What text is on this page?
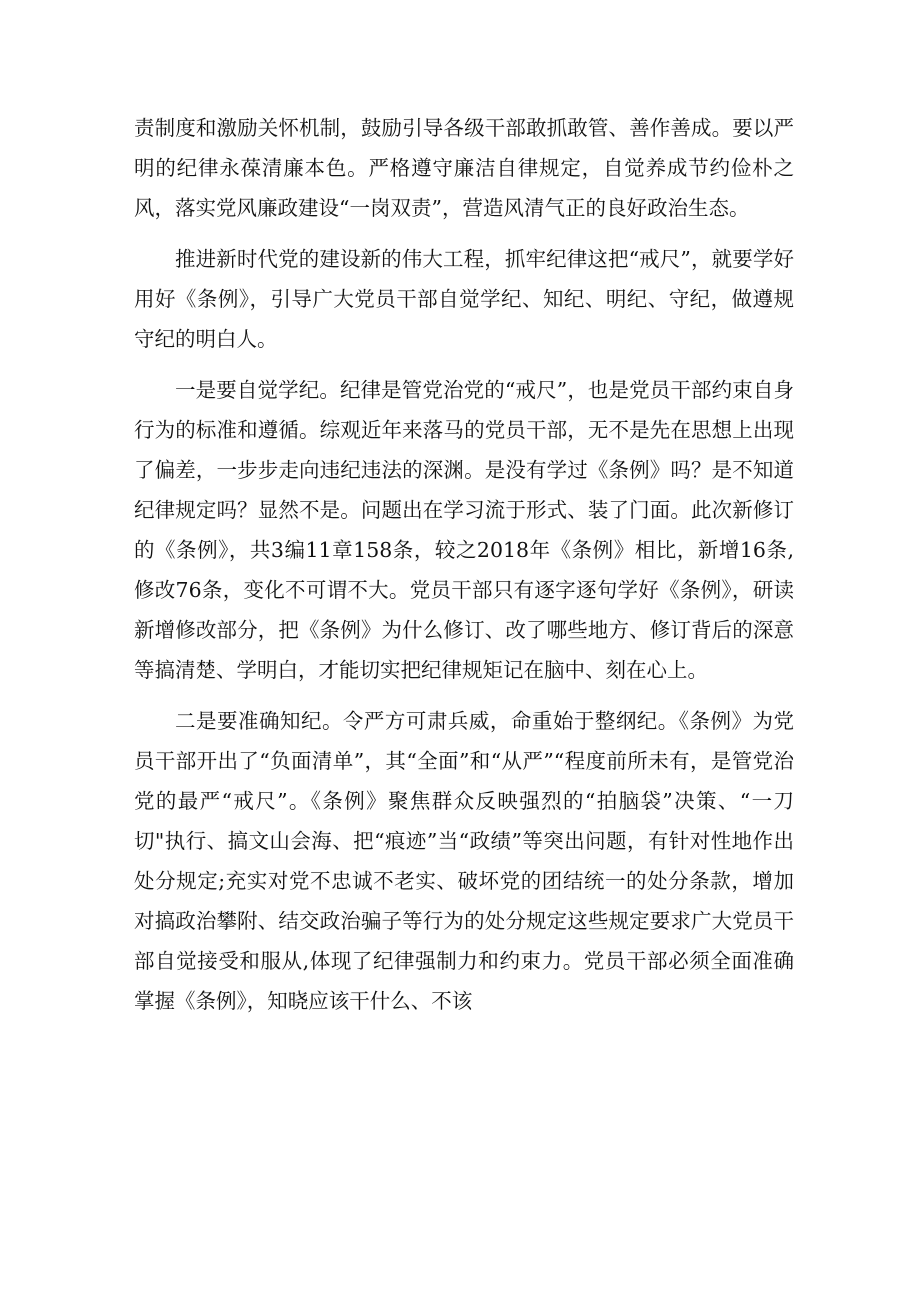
责制度和激励关怀机制，鼓励引导各级干部敢抓敢管、善作善成。要以严明的纪律永葆清廉本色。严格遵守廉洁自律规定，自觉养成节约俭朴之风，落实党风廉政建设“一岗双责”，营造风清气正的良好政治生态。

推进新时代党的建设新的伟大工程，抓牢纪律这把“戒尺”，就要学好用好《条例》，引导广大党员干部自觉学纪、知纪、明纪、守纪，做遵规守纪的明白人。

一是要自觉学纪。纪律是管党治党的“戒尺”，也是党员干部约束自身行为的标准和遵循。综观近年来落马的党员干部，无不是先在思想上出现了偏差，一步步走向违纪违法的深渊。是没有学过《条例》吗？是不知道纪律规定吗？显然不是。问题出在学习流于形式、装了门面。此次新修订的《条例》，共3编11章158条，较之2018年《条例》相比，新增16条,修改76条，变化不可谓不大。党员干部只有逐字逐句学好《条例》，研读新增修改部分，把《条例》为什么修订、改了哪些地方、修订背后的深意等搞清楚、学明白，才能切实把纪律规矩记在脑中、刻在心上。

二是要准确知纪。令严方可肃兵威，命重始于整纲纪。《条例》为党员干部开出了“负面清单”，其“全面”和“从严”“程度前所未有，是管党治党的最严“戒尺”。《条例》聚焦群众反映强烈的“拍脑袋”决策、“一刀切"执行、搞文山会海、把“痕迹”当“政绩”等突出问题，有针对性地作出处分规定;充实对党不忠诚不老实、破坏党的团结统一的处分条款，增加对搞政治攀附、结交政治骗子等行为的处分规定这些规定要求广大党员干部自觉接受和服从,体现了纪律强制力和约束力。党员干部必须全面准确掌握《条例》，知晓应该干什么、不该
